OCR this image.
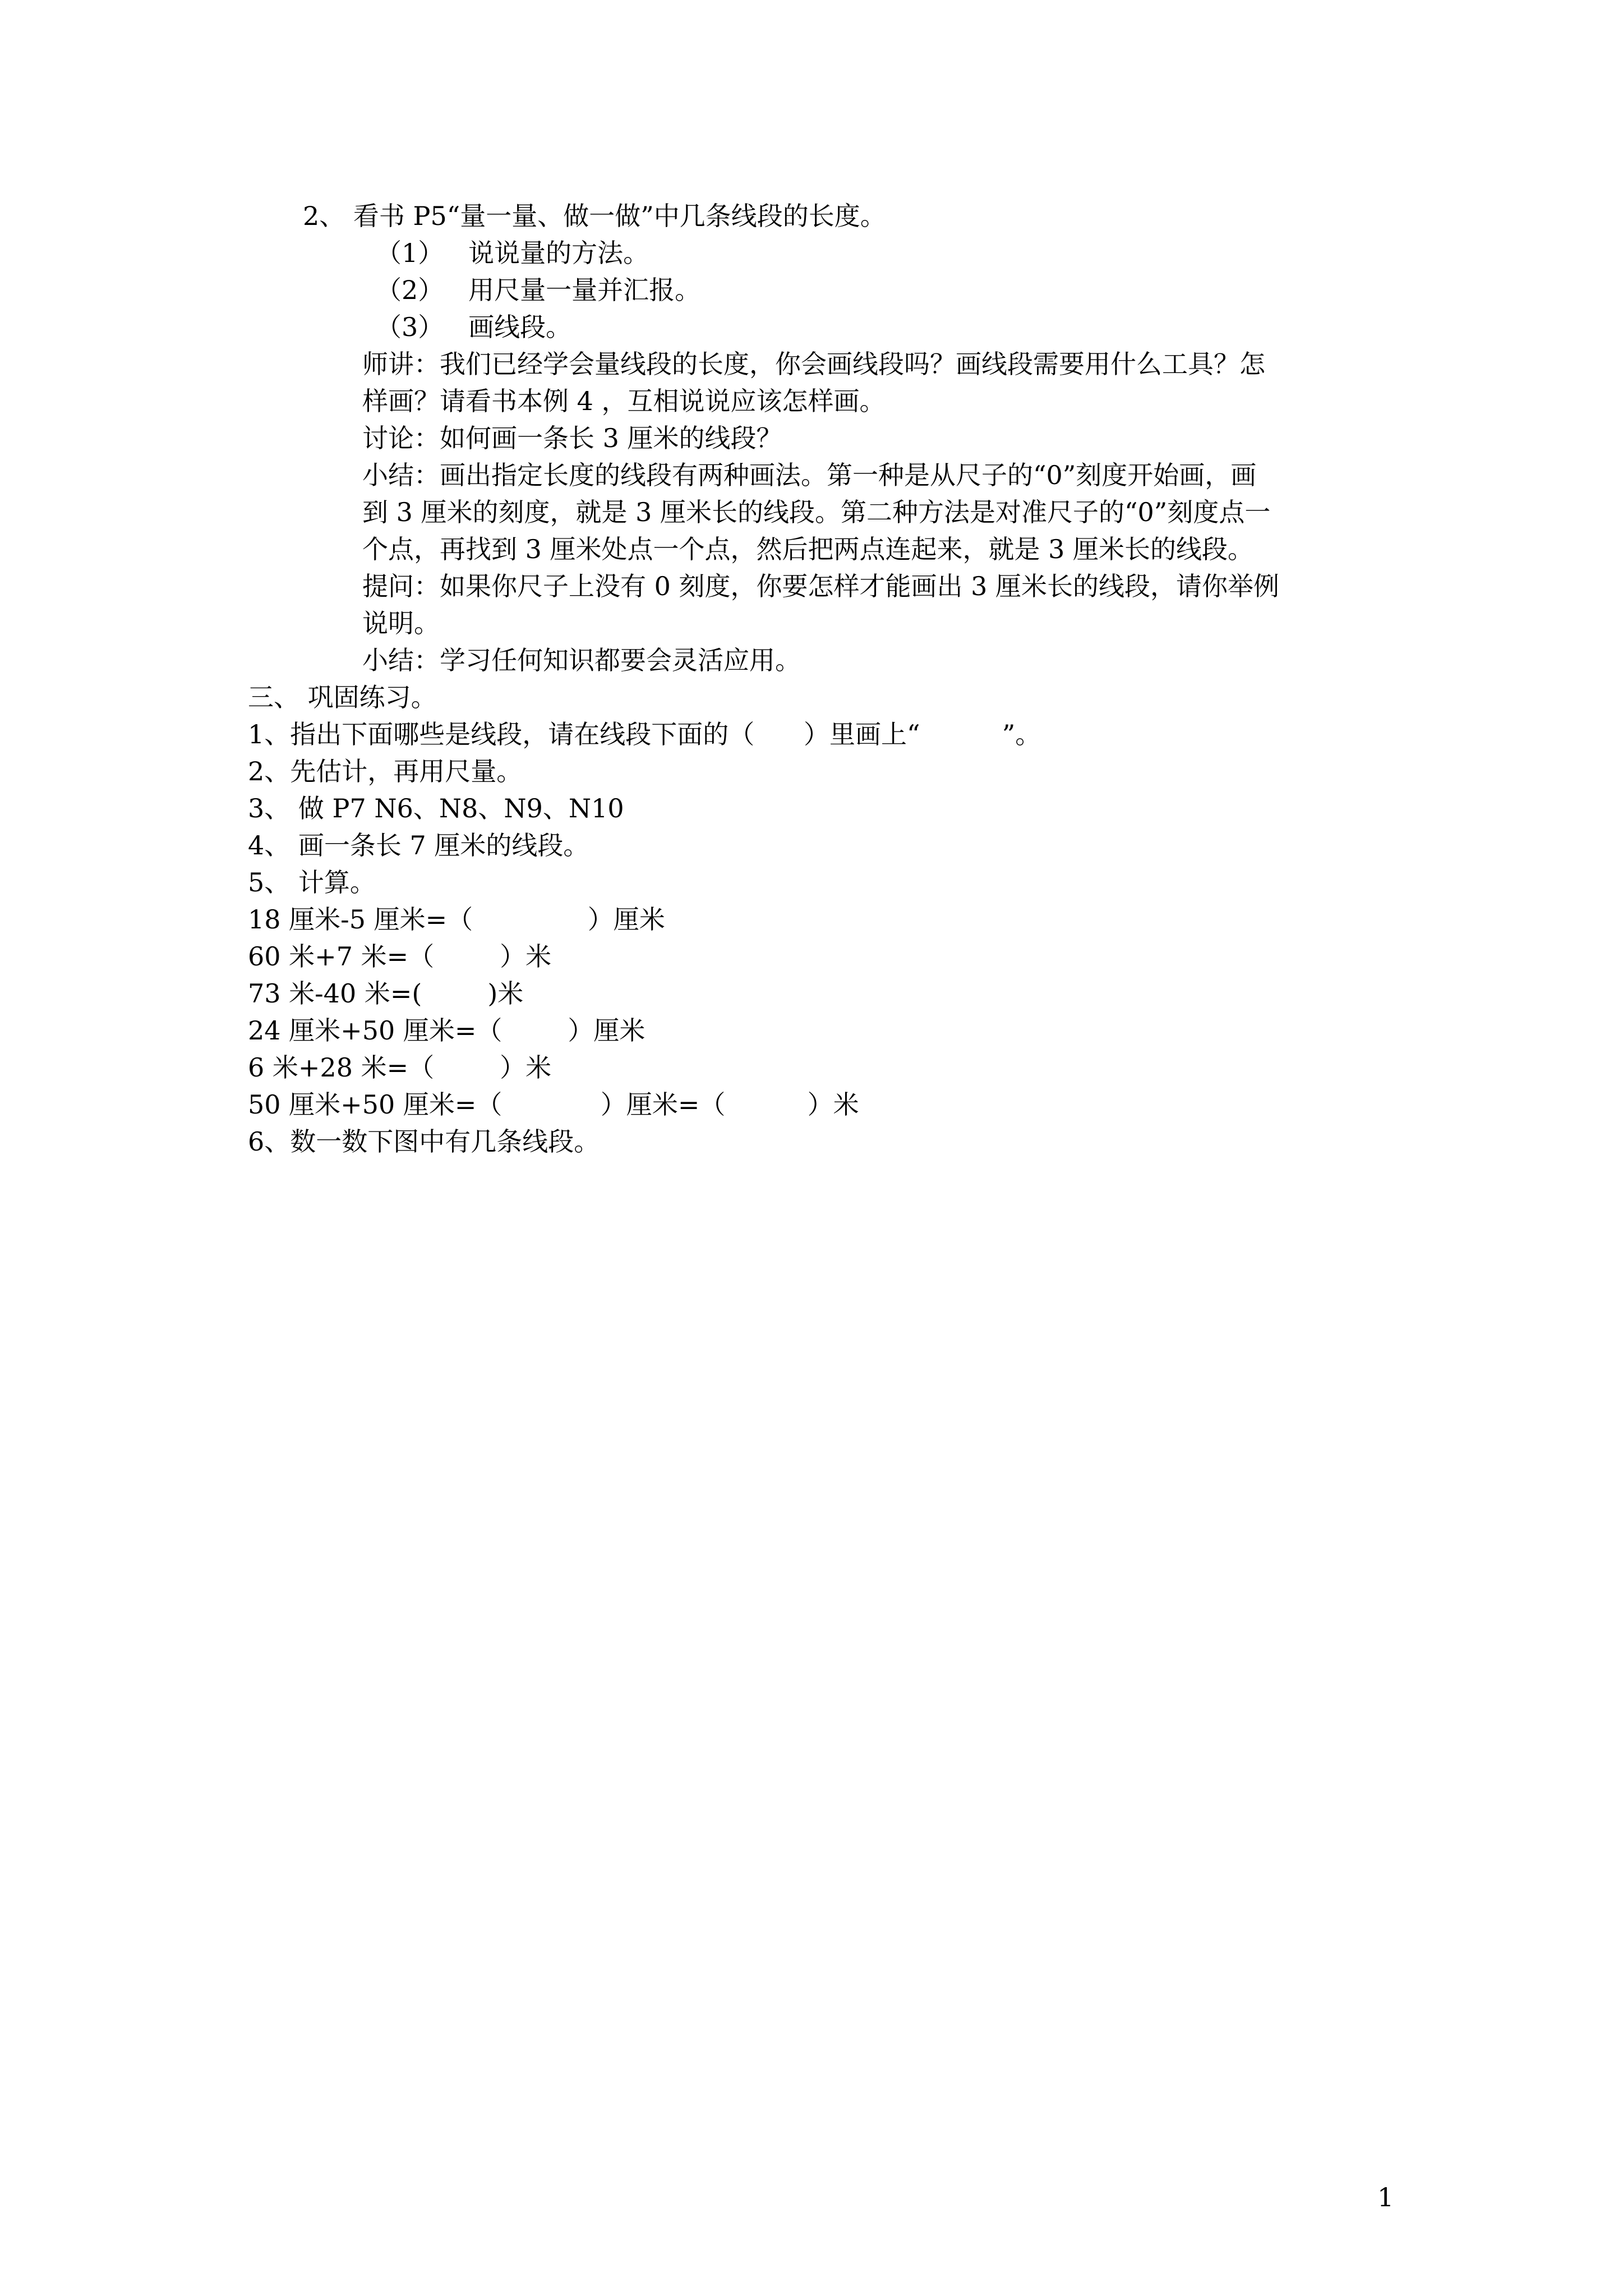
2、 看书 P5“量一量、做一做”中几条线段的长度。
（1）   说说量的方法。
（2）   用尺量一量并汇报。
（3）   画线段。
师讲：我们已经学会量线段的长度，你会画线段吗？画线段需要用什么工具？怎
样画？请看书本例 4 ，互相说说应该怎样画。
讨论：如何画一条长 3 厘米的线段？
小结：画出指定长度的线段有两种画法。第一种是从尺子的“0”刻度开始画，画
到 3 厘米的刻度，就是 3 厘米长的线段。第二种方法是对准尺子的“0”刻度点一
个点，再找到 3 厘米处点一个点，然后把两点连起来，就是 3 厘米长的线段。
提问：如果你尺子上没有 0 刻度，你要怎样才能画出 3 厘米长的线段，请你举例
说明。
小结：学习任何知识都要会灵活应用。
三、 巩固练习。
1、指出下面哪些是线段，请在线段下面的（      ）里画上“          ”。
2、先估计，再用尺量。
3、 做 P7 N6、N8、N9、N10
4、 画一条长 7 厘米的线段。
5、 计算。
18 厘米-5 厘米=（              ）厘米
60 米+7 米=（        ）米
73 米-40 米=(        )米
24 厘米+50 厘米=（        ）厘米
6 米+28 米=（        ）米
50 厘米+50 厘米=（            ）厘米=（          ）米
6、数一数下图中有几条线段。
1
